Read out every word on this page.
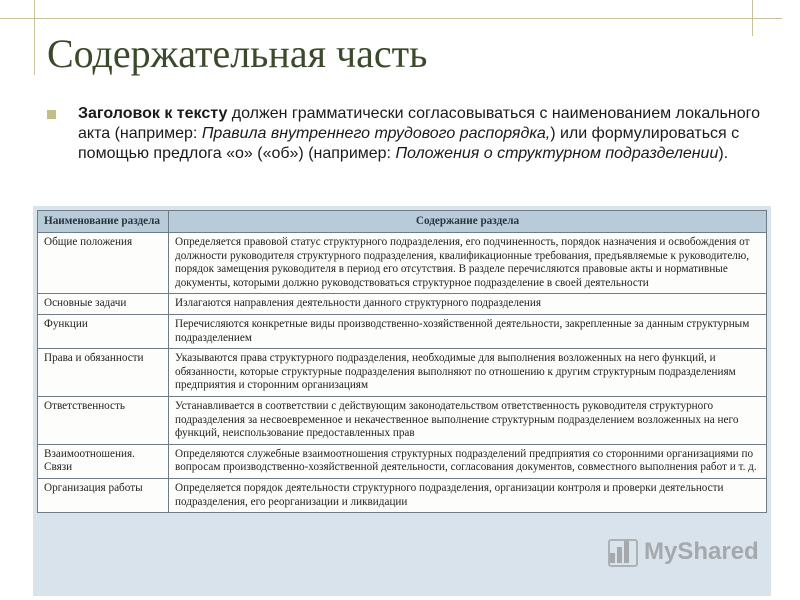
Содержательная часть
Заголовок к тексту должен грамматически согласовываться с наименованием локального акта (например: Правила внутреннего трудового распорядка,) или формулироваться с помощью предлога «о» («об») (например: Положения о структурном подразделении).
Наименование раздела	Содержание раздела
Общие положения	Определяется правовой статус структурного подразделения, его подчиненность, порядок назначения и освобождения от должности руководителя структурного подразделения, квалификационные требования, предъявляемые к руководителю, порядок замещения руководителя в период его отсутствия. В разделе перечисляются правовые акты и нормативные документы, которыми должно руководствоваться структурное подразделение в своей деятельности
Основные задачи	Излагаются направления деятельности данного структурного подразделения
Функции	Перечисляются конкретные виды производственно-хозяйственной деятельности, закрепленные за данным структурным подразделением
Права и обязанности	Указываются права структурного подразделения, необходимые для выполнения возложенных на него функций, и обязанности, которые структурные подразделения выполняют по отношению к другим структурным подразделениям предприятия и сторонним организациям
Ответственность	Устанавливается в соответствии с действующим законодательством ответственность руководителя структурного подразделения за несвоевременное и некачественное выполнение структурным подразделением возложенных на него функций, неиспользование предоставленных прав
Взаимоотношения. Связи	Определяются служебные взаимоотношения структурных подразделений предприятия со сторонними организациями по вопросам производственно-хозяйственной деятельности, согласования документов, совместного выполнения работ и т. д.
Организация работы	Определяется порядок деятельности структурного подразделения, организации контроля и проверки деятельности подразделения, его реорганизации и ликвидации
MyShared
